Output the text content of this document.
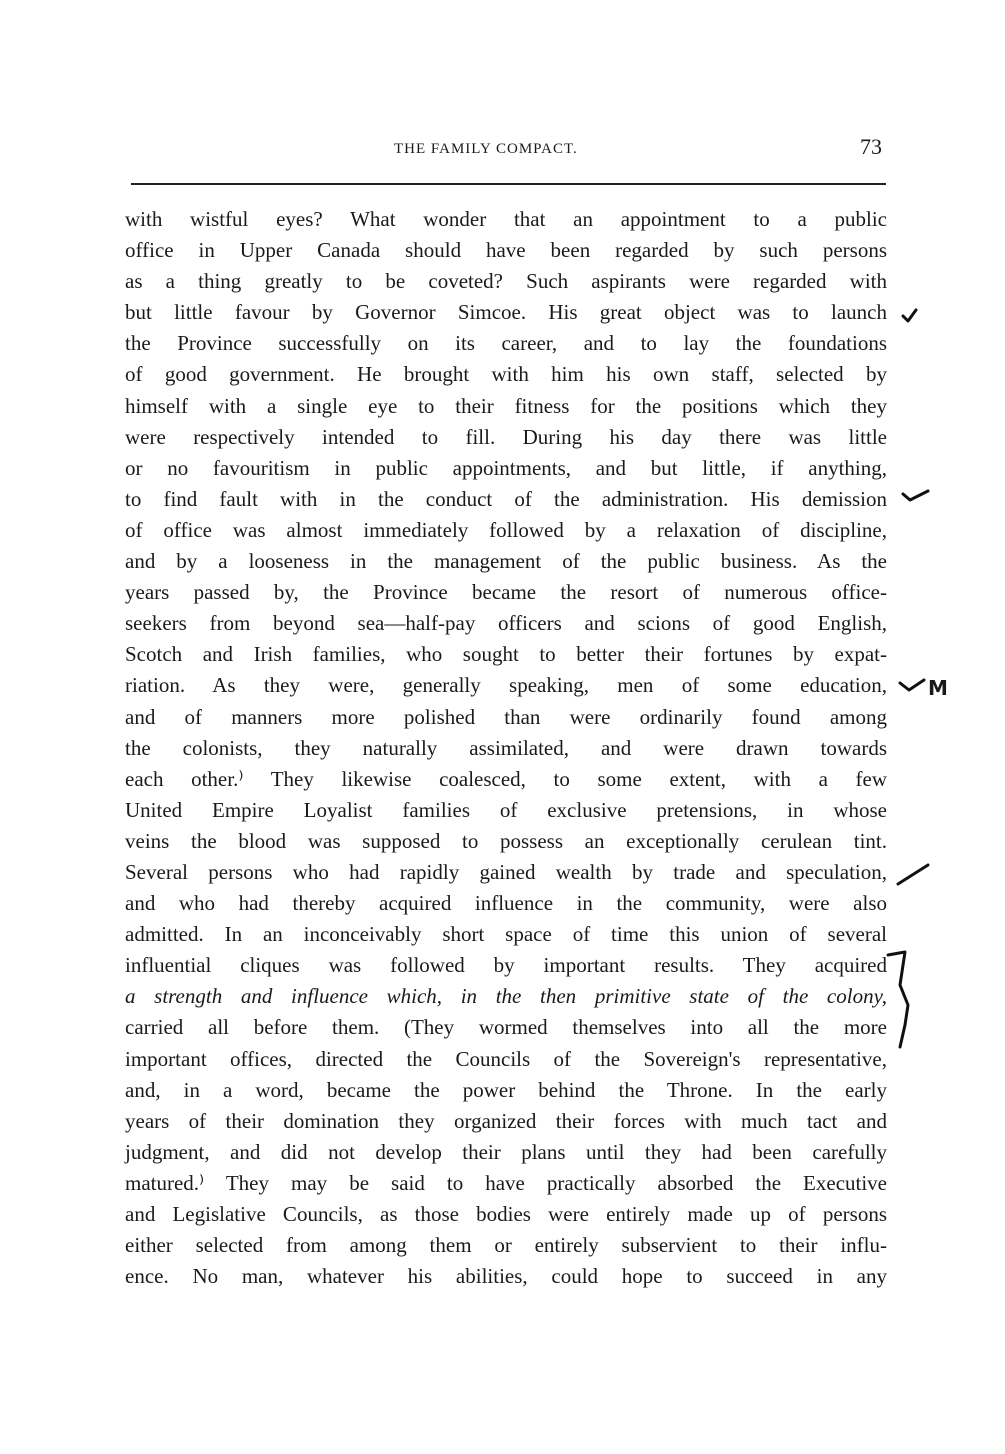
THE FAMILY COMPACT.	73
with wistful eyes? What wonder that an appointment to a public
office in Upper Canada should have been regarded by such persons
as a thing greatly to be coveted? Such aspirants were regarded with
but little favour by Governor Simcoe. His great object was to launch
the Province successfully on its career, and to lay the foundations
of good government. He brought with him his own staff, selected by
himself with a single eye to their fitness for the positions which they
were respectively intended to fill. During his day there was little
or no favouritism in public appointments, and but little, if anything,
to find fault with in the conduct of the administration. His demission
of office was almost immediately followed by a relaxation of discipline,
and by a looseness in the management of the public business. As the
years passed by, the Province became the resort of numerous office-
seekers from beyond sea—half-pay officers and scions of good English,
Scotch and Irish families, who sought to better their fortunes by expat-
riation. As they were, generally speaking, men of some education,
and of manners more polished than were ordinarily found among
the colonists, they naturally assimilated, and were drawn towards
each other.⁾ They likewise coalesced, to some extent, with a few
United Empire Loyalist families of exclusive pretensions, in whose
veins the blood was supposed to possess an exceptionally cerulean tint.
Several persons who had rapidly gained wealth by trade and speculation,
and who had thereby acquired influence in the community, were also
admitted. In an inconceivably short space of time this union of several
influential cliques was followed by important results. They acquired
a strength and influence which, in the then primitive state of the colony,
carried all before them. (They wormed themselves into all the more
important offices, directed the Councils of the Sovereign's representative,
and, in a word, became the power behind the Throne. In the early
years of their domination they organized their forces with much tact and
judgment, and did not develop their plans until they had been carefully
matured.⁾ They may be said to have practically absorbed the Executive
and Legislative Councils, as those bodies were entirely made up of persons
either selected from among them or entirely subservient to their influ-
ence. No man, whatever his abilities, could hope to succeed in any
M
